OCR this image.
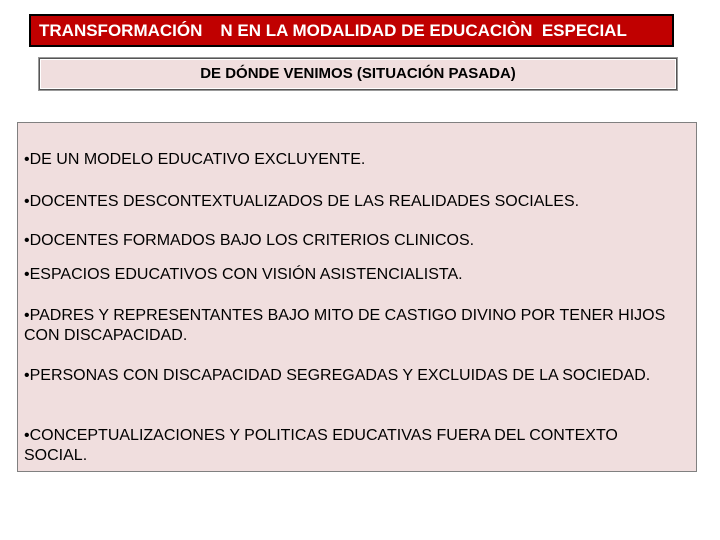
TRANSFORMACIÓN N EN LA MODALIDAD DE EDUCACIÒN  ESPECIAL
DE DÓNDE VENIMOS (SITUACIÓN PASADA)
•DE UN MODELO EDUCATIVO EXCLUYENTE.
•DOCENTES DESCONTEXTUALIZADOS DE LAS REALIDADES SOCIALES.
•DOCENTES FORMADOS BAJO LOS CRITERIOS CLINICOS.
•ESPACIOS EDUCATIVOS CON VISIÓN ASISTENCIALISTA.
•PADRES Y REPRESENTANTES BAJO MITO DE CASTIGO DIVINO POR TENER HIJOS CON DISCAPACIDAD.
•PERSONAS CON DISCAPACIDAD SEGREGADAS Y EXCLUIDAS DE LA SOCIEDAD.
•CONCEPTUALIZACIONES Y POLITICAS EDUCATIVAS FUERA DEL CONTEXTO SOCIAL.
